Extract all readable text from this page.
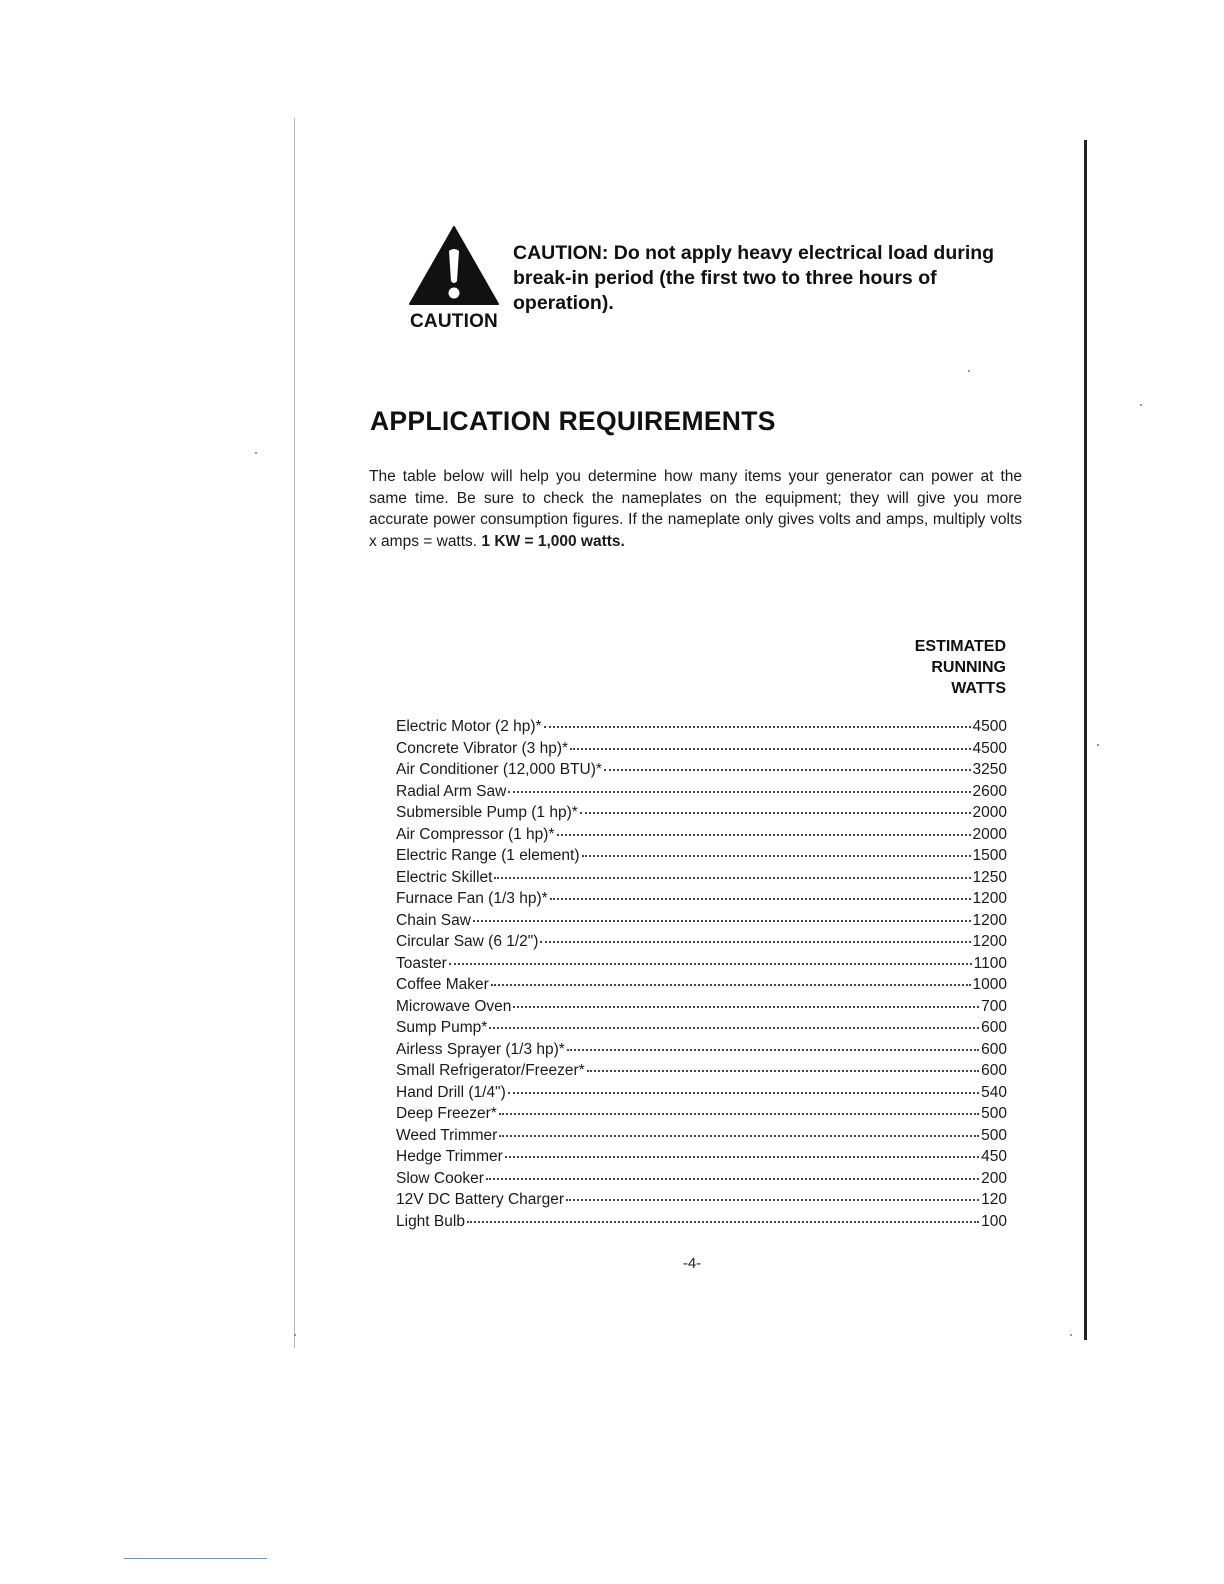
CAUTION
CAUTION: Do not apply heavy electrical load during break-in period (the first two to three hours of operation).
APPLICATION REQUIREMENTS
The table below will help you determine how many items your generator can power at the same time. Be sure to check the nameplates on the equipment; they will give you more accurate power consumption figures. If the nameplate only gives volts and amps, multiply volts x amps = watts. 1 KW = 1,000 watts.
ESTIMATED
RUNNING
WATTS
Electric Motor (2 hp)*	4500
Concrete Vibrator (3 hp)*	4500
Air Conditioner (12,000 BTU)*	3250
Radial Arm Saw	2600
Submersible Pump (1 hp)*	2000
Air Compressor (1 hp)*	2000
Electric Range (1 element)	1500
Electric Skillet	1250
Furnace Fan (1/3 hp)*	1200
Chain Saw	1200
Circular Saw (6 1/2")	1200
Toaster	1100
Coffee Maker	1000
Microwave Oven	700
Sump Pump*	600
Airless Sprayer (1/3 hp)*	600
Small Refrigerator/Freezer*	600
Hand Drill (1/4")	540
Deep Freezer*	500
Weed Trimmer	500
Hedge Trimmer	450
Slow Cooker	200
12V DC Battery Charger	120
Light Bulb	100
-4-
